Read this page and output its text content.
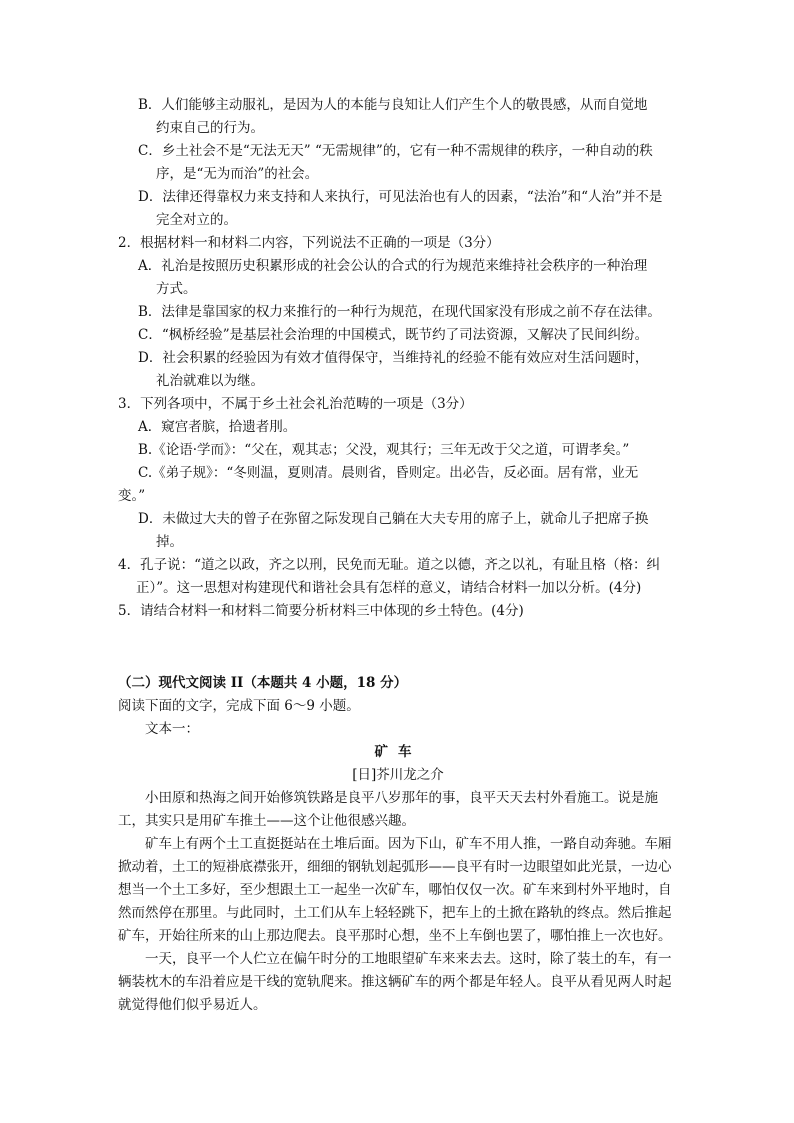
B．人们能够主动服礼，是因为人的本能与良知让人们产生个人的敬畏感，从而自觉地

约束自己的行为。

C．乡土社会不是“无法无天” “无需规律”的，它有一种不需规律的秩序，一种自动的秩

序，是“无为而治”的社会。

D．法律还得靠权力来支持和人来执行，可见法治也有人的因素，“法治”和“人治”并不是

完全对立的。

2．根据材料一和材料二内容，下列说法不正确的一项是（3分）

A．礼治是按照历史积累形成的社会公认的合式的行为规范来维持社会秩序的一种治理

方式。

B．法律是靠国家的权力来推行的一种行为规范，在现代国家没有形成之前不存在法律。

C．“枫桥经验”是基层社会治理的中国模式，既节约了司法资源，又解决了民间纠纷。

D．社会积累的经验因为有效才值得保守，当维持礼的经验不能有效应对生活问题时，

礼治就难以为继。

3．下列各项中，不属于乡土社会礼治范畴的一项是（3分）

A．窥宫者膑，拾遗者刖。

B.《论语·学而》：“父在，观其志；父没，观其行；三年无改于父之道，可谓孝矣。”

C.《弟子规》：“冬则温，夏则凊。晨则省，昏则定。出必告，反必面。居有常，业无

变。”

D．未做过大夫的曾子在弥留之际发现自己躺在大夫专用的席子上，就命儿子把席子换

掉。

4．孔子说：“道之以政，齐之以刑，民免而无耻。道之以德，齐之以礼，有耻且格（格：纠

正）”。这一思想对构建现代和谐社会具有怎样的意义，请结合材料一加以分析。(4分)

5．请结合材料一和材料二简要分析材料三中体现的乡土特色。(4分)

（二）现代文阅读 II（本题共 4 小题，18 分）

阅读下面的文字，完成下面 6～9 小题。

文本一：

矿车

[日]芥川龙之介

小田原和热海之间开始修筑铁路是良平八岁那年的事，良平天天去村外看施工。说是施工，其实只是用矿车推土——这个让他很感兴趣。

矿车上有两个土工直挺挺站在土堆后面。因为下山，矿车不用人推，一路自动奔驰。车厢掀动着，土工的短褂底襟张开，细细的钢轨划起弧形——良平有时一边眼望如此光景，一边心想当一个土工多好，至少想跟土工一起坐一次矿车，哪怕仅仅一次。矿车来到村外平地时，自然而然停在那里。与此同时，土工们从车上轻轻跳下，把车上的土掀在路轨的终点。然后推起矿车，开始往所来的山上那边爬去。良平那时心想，坐不上车倒也罢了，哪怕推上一次也好。

一天，良平一个人伫立在偏午时分的工地眼望矿车来来去去。这时，除了装土的车，有一辆装枕木的车沿着应是干线的宽轨爬来。推这辆矿车的两个都是年轻人。良平从看见两人时起就觉得他们似乎易近人。
